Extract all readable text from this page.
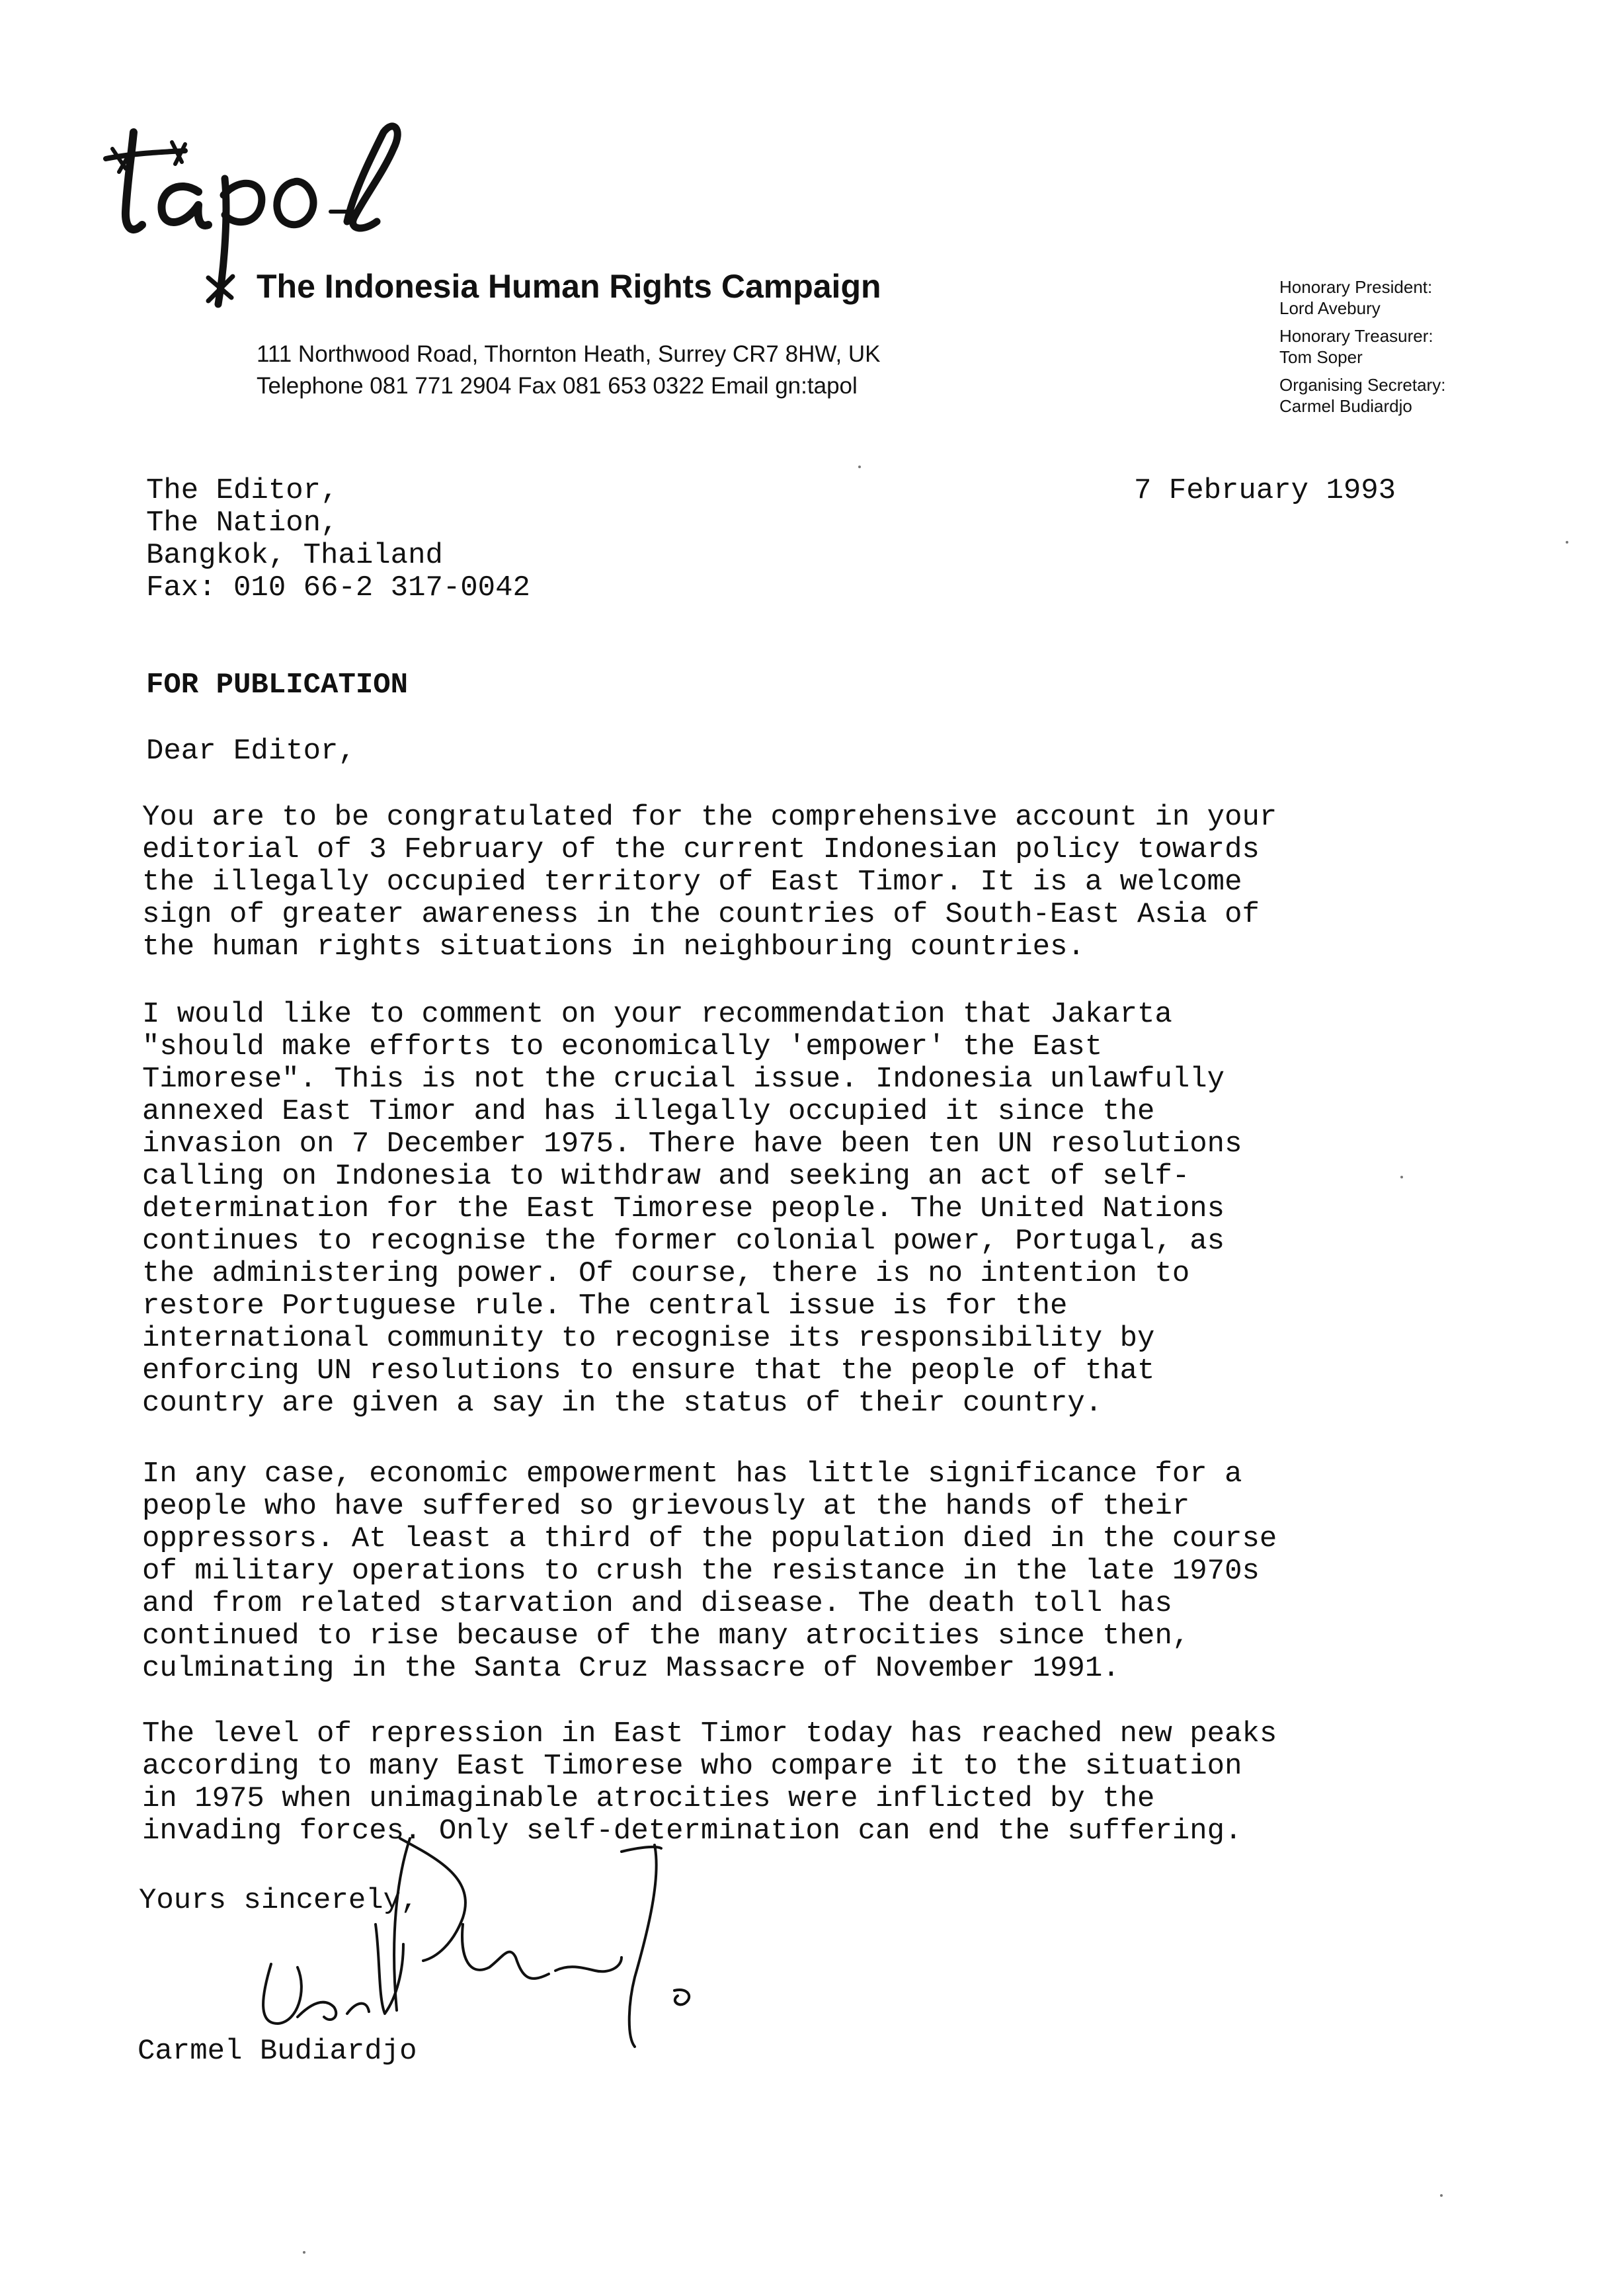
The Indonesia Human Rights Campaign
111 Northwood Road, Thornton Heath, Surrey CR7 8HW, UK
Telephone 081 771 2904 Fax 081 653 0322 Email gn:tapol
Honorary President:
Lord Avebury
Honorary Treasurer:
Tom Soper
Organising Secretary:
Carmel Budiardjo
The Editor,
The Nation,
Bangkok, Thailand
Fax: 010 66-2 317-0042
7 February 1993
FOR PUBLICATION
Dear Editor,
You are to be congratulated for the comprehensive account in your
editorial of 3 February of the current Indonesian policy towards
the illegally occupied territory of East Timor. It is a welcome
sign of greater awareness in the countries of South-East Asia of
the human rights situations in neighbouring countries.
I would like to comment on your recommendation that Jakarta
"should make efforts to economically 'empower' the East
Timorese". This is not the crucial issue. Indonesia unlawfully
annexed East Timor and has illegally occupied it since the
invasion on 7 December 1975. There have been ten UN resolutions
calling on Indonesia to withdraw and seeking an act of self-
determination for the East Timorese people. The United Nations
continues to recognise the former colonial power, Portugal, as
the administering power. Of course, there is no intention to
restore Portuguese rule. The central issue is for the
international community to recognise its responsibility by
enforcing UN resolutions to ensure that the people of that
country are given a say in the status of their country.
In any case, economic empowerment has little significance for a
people who have suffered so grievously at the hands of their
oppressors. At least a third of the population died in the course
of military operations to crush the resistance in the late 1970s
and from related starvation and disease. The death toll has
continued to rise because of the many atrocities since then,
culminating in the Santa Cruz Massacre of November 1991.
The level of repression in East Timor today has reached new peaks
according to many East Timorese who compare it to the situation
in 1975 when unimaginable atrocities were inflicted by the
invading forces. Only self-determination can end the suffering.
Yours sincerely,
Carmel Budiardjo
